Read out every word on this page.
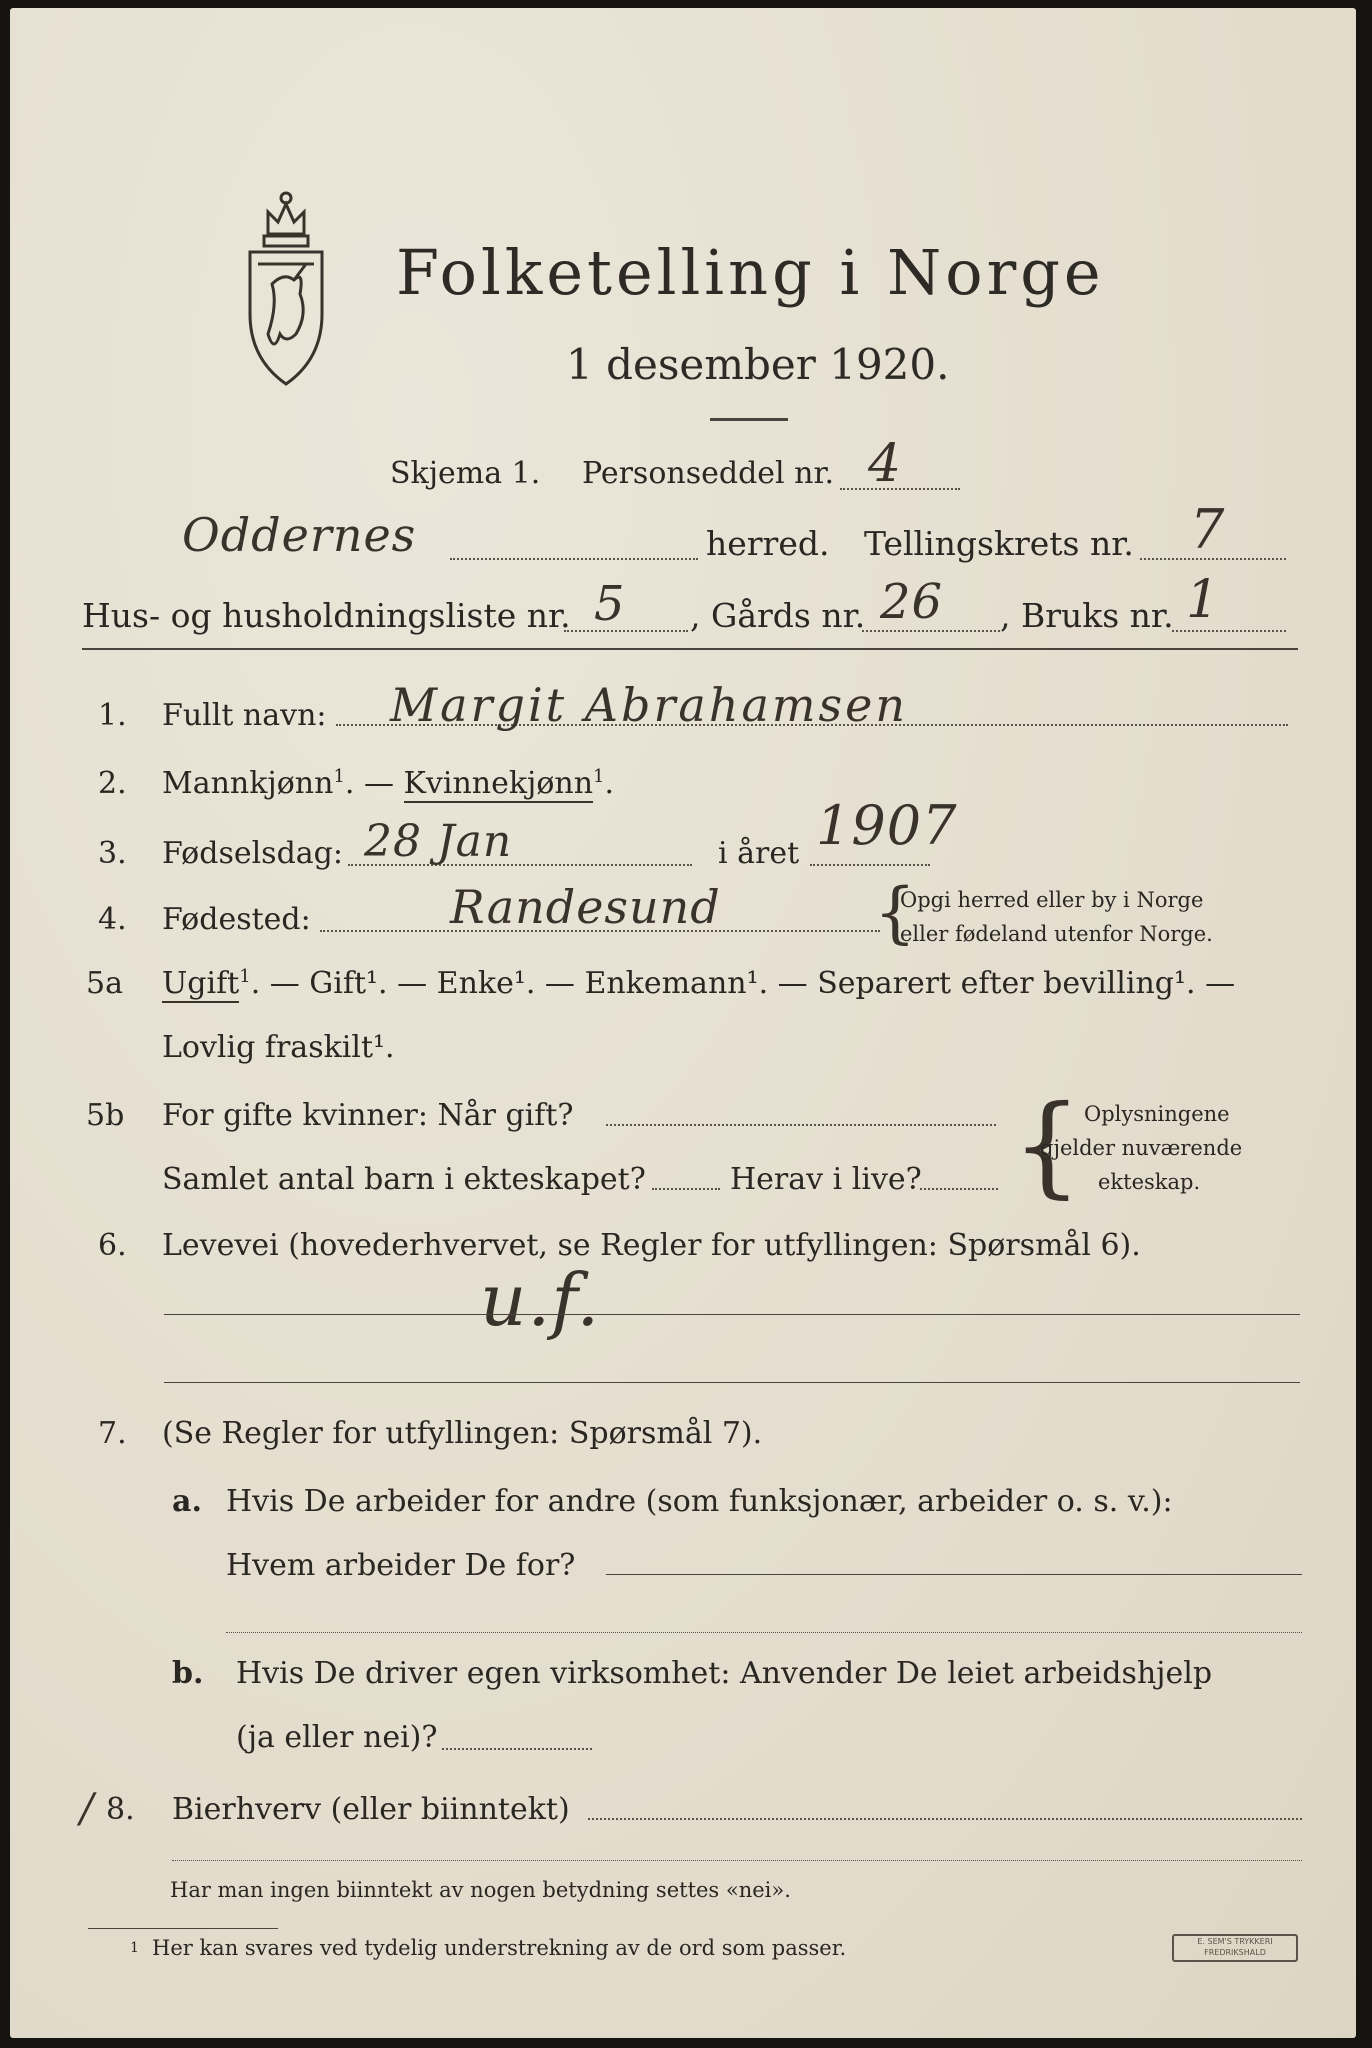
Folketelling i Norge
1 desember 1920.
Skjema 1. Personseddel nr. 4
Oddernes	herred. Tellingskrets nr. 7
Hus- og husholdningsliste nr. 5 , Gårds nr. 26 , Bruks nr. 1
1. Fullt navn: Margit Abrahamsen
2. Mannkjønn$^1$. — Kvinnekjønn$^1$.
3. Fødselsdag: 28 Jan	i året 1907
4. Fødested:	Randesund {
Opgi herred eller by i Norge
eller fødeland utenfor Norge.
5a Ugift$^1$. — Gift¹. — Enke¹. — Enkemann¹. — Separert efter bevilling¹. —
Lovlig fraskilt¹.
5b For gifte kvinner: Når gift?
Samlet antal barn i ekteskapet?	Herav i live? { Oplysningene
gjelder nuværende
ekteskap.
6. Levevei (hovederhvervet, se Regler for utfyllingen: Spørsmål 6).
u.f.
7. (Se Regler for utfyllingen: Spørsmål 7).
a. Hvis De arbeider for andre (som funksjonær, arbeider o. s. v.):
Hvem arbeider De for?
b. Hvis De driver egen virksomhet: Anvender De leiet arbeidshjelp
(ja eller nei)?
/ 8. Bierhverv (eller biinntekt)
Har man ingen biinntekt av nogen betydning settes «nei».
1 Her kan svares ved tydelig understrekning av de ord som passer.	E. SEM'S TRYKKERI
FREDRIKSHALD
